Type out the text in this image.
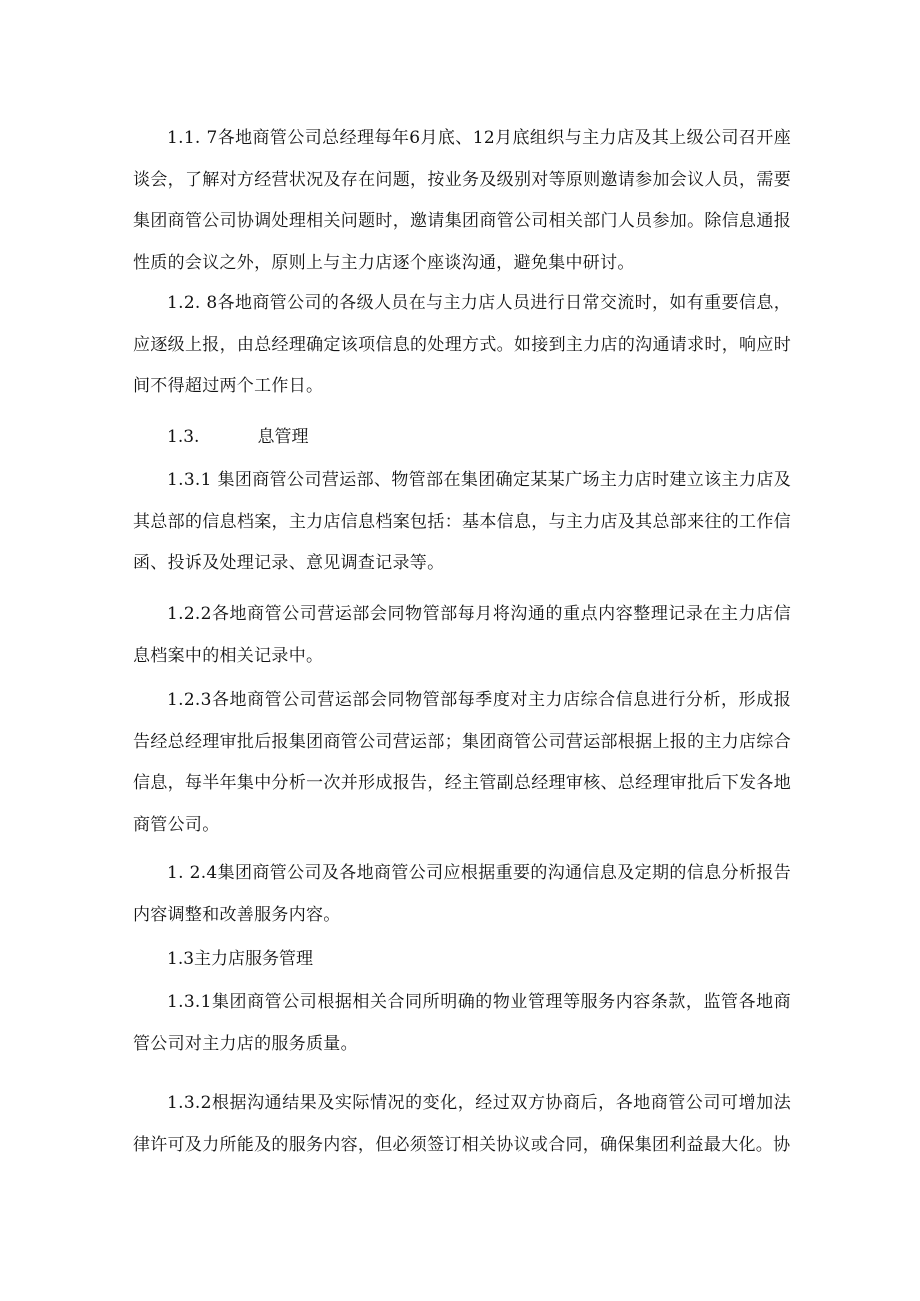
1.1. 7各地商管公司总经理每年6月底、12月底组织与主力店及其上级公司召开座谈会，了解对方经营状况及存在问题，按业务及级别对等原则邀请参加会议人员，需要集团商管公司协调处理相关问题时，邀请集团商管公司相关部门人员参加。除信息通报性质的会议之外，原则上与主力店逐个座谈沟通，避免集中研讨。

1.2. 8各地商管公司的各级人员在与主力店人员进行日常交流时，如有重要信息，应逐级上报，由总经理确定该项信息的处理方式。如接到主力店的沟通请求时，响应时间不得超过两个工作日。

1.3.	息管理

1.3.1 集团商管公司营运部、物管部在集团确定某某广场主力店时建立该主力店及其总部的信息档案，主力店信息档案包括：基本信息，与主力店及其总部来往的工作信函、投诉及处理记录、意见调查记录等。

1.2.2各地商管公司营运部会同物管部每月将沟通的重点内容整理记录在主力店信息档案中的相关记录中。

1.2.3各地商管公司营运部会同物管部每季度对主力店综合信息进行分析，形成报告经总经理审批后报集团商管公司营运部；集团商管公司营运部根据上报的主力店综合信息，每半年集中分析一次并形成报告，经主管副总经理审核、总经理审批后下发各地商管公司。

1. 2.4集团商管公司及各地商管公司应根据重要的沟通信息及定期的信息分析报告内容调整和改善服务内容。

1.3主力店服务管理

1.3.1集团商管公司根据相关合同所明确的物业管理等服务内容条款，监管各地商管公司对主力店的服务质量。

1.3.2根据沟通结果及实际情况的变化，经过双方协商后，各地商管公司可增加法律许可及力所能及的服务内容，但必须签订相关协议或合同，确保集团利益最大化。协
